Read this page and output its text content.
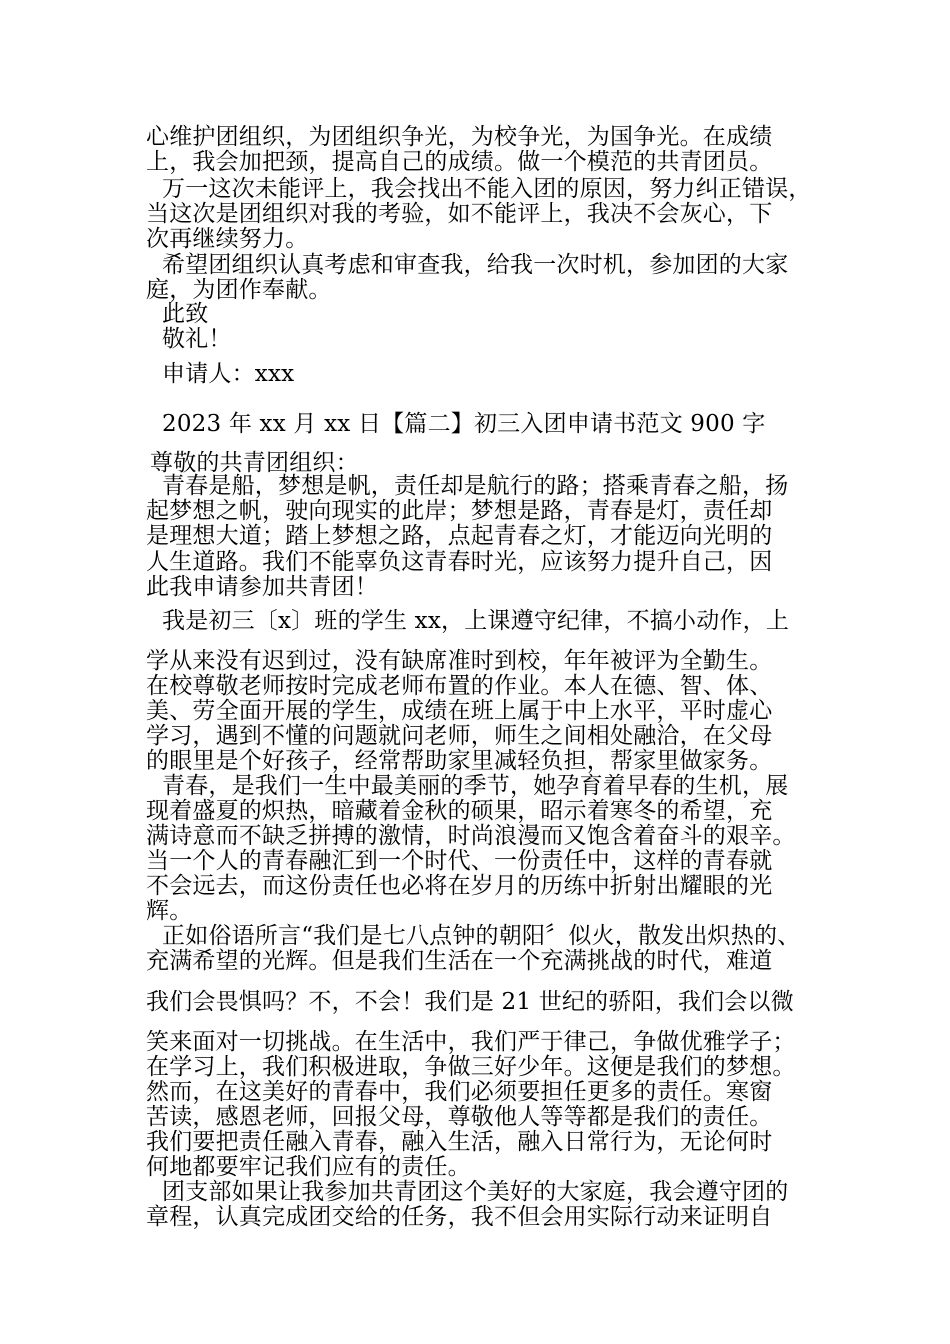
心维护团组织，为团组织争光，为校争光，为国争光。在成绩

上，我会加把颈，提高自己的成绩。做一个模范的共青团员。

万一这次未能评上，我会找出不能入团的原因，努力纠正错误，

当这次是团组织对我的考验，如不能评上，我决不会灰心，下

次再继续努力。

希望团组织认真考虑和审查我，给我一次时机，参加团的大家

庭，为团作奉献。

此致

敬礼！

申请人：xxx

2023 年 xx 月 xx 日【篇二】初三入团申请书范文 900 字

尊敬的共青团组织：

青春是船，梦想是帆，责任却是航行的路；搭乘青春之船，扬

起梦想之帆，驶向现实的此岸；梦想是路，青春是灯，责任却

是理想大道；踏上梦想之路，点起青春之灯，才能迈向光明的

人生道路。我们不能辜负这青春时光，应该努力提升自己，因

此我申请参加共青团！

我是初三〔x〕班的学生 xx，上课遵守纪律，不搞小动作，上

学从来没有迟到过，没有缺席准时到校，年年被评为全勤生。

在校尊敬老师按时完成老师布置的作业。本人在德、智、体、

美、劳全面开展的学生，成绩在班上属于中上水平，平时虚心

学习，遇到不懂的问题就问老师，师生之间相处融洽，在父母

的眼里是个好孩子，经常帮助家里减轻负担，帮家里做家务。

青春，是我们一生中最美丽的季节，她孕育着早春的生机，展

现着盛夏的炽热，暗藏着金秋的硕果，昭示着寒冬的希望，充

满诗意而不缺乏拼搏的激情，时尚浪漫而又饱含着奋斗的艰辛。

当一个人的青春融汇到一个时代、一份责任中，这样的青春就

不会远去，而这份责任也必将在岁月的历练中折射出耀眼的光

辉。

正如俗语所言“我们是七八点钟的朝阳〞似火，散发出炽热的、

充满希望的光辉。但是我们生活在一个充满挑战的时代，难道

我们会畏惧吗？不，不会！我们是 21 世纪的骄阳，我们会以微

笑来面对一切挑战。在生活中，我们严于律己，争做优雅学子；

在学习上，我们积极进取，争做三好少年。这便是我们的梦想。

然而，在这美好的青春中，我们必须要担任更多的责任。寒窗

苦读，感恩老师，回报父母，尊敬他人等等都是我们的责任。

我们要把责任融入青春，融入生活，融入日常行为，无论何时

何地都要牢记我们应有的责任。

团支部如果让我参加共青团这个美好的大家庭，我会遵守团的

章程，认真完成团交给的任务，我不但会用实际行动来证明自
